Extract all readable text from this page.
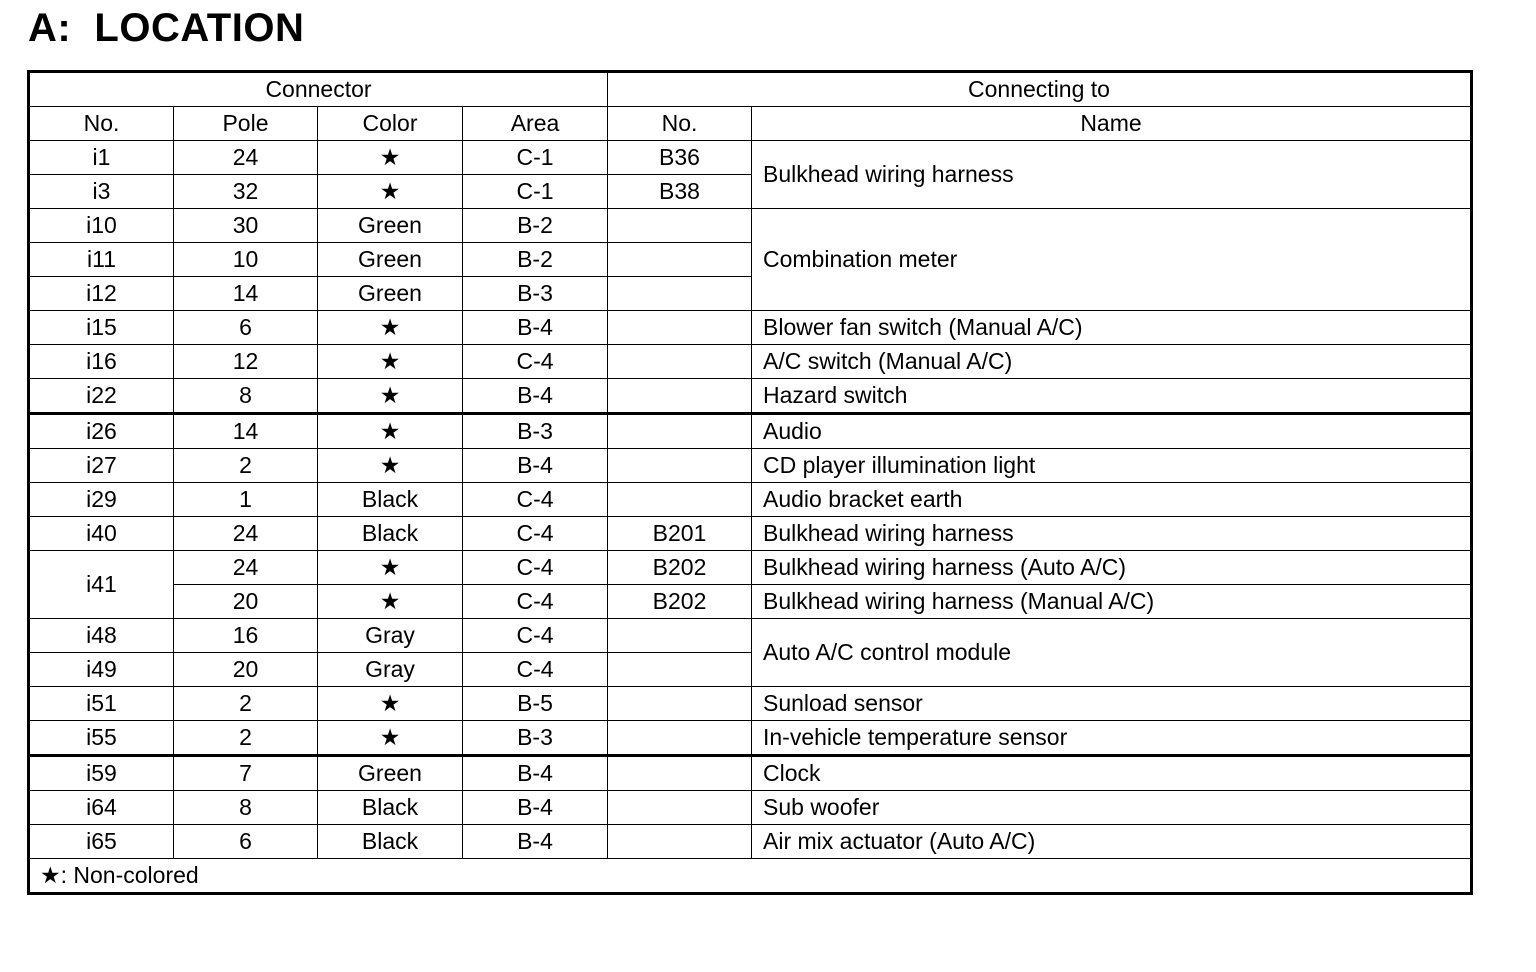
A:  LOCATION
Connector				Connecting to	
No.	Pole	Color	Area	No.	Name
i1	24	★	C-1	B36	Bulkhead wiring harness
i3	32	★	C-1	B38	
i10	30	Green	B-2		Combination meter
i11	10	Green	B-2		
i12	14	Green	B-3		
i15	6	★	B-4		Blower fan switch (Manual A/C)
i16	12	★	C-4		A/C switch (Manual A/C)
i22	8	★	B-4		Hazard switch
i26	14	★	B-3		Audio
i27	2	★	B-4		CD player illumination light
i29	1	Black	C-4		Audio bracket earth
i40	24	Black	C-4	B201	Bulkhead wiring harness
i41	24	★	C-4	B202	Bulkhead wiring harness (Auto A/C)
	20	★	C-4	B202	Bulkhead wiring harness (Manual A/C)
i48	16	Gray	C-4		Auto A/C control module
i49	20	Gray	C-4		
i51	2	★	B-5		Sunload sensor
i55	2	★	B-3		In-vehicle temperature sensor
i59	7	Green	B-4		Clock
i64	8	Black	B-4		Sub woofer
i65	6	Black	B-4		Air mix actuator (Auto A/C)
★: Non-colored					
